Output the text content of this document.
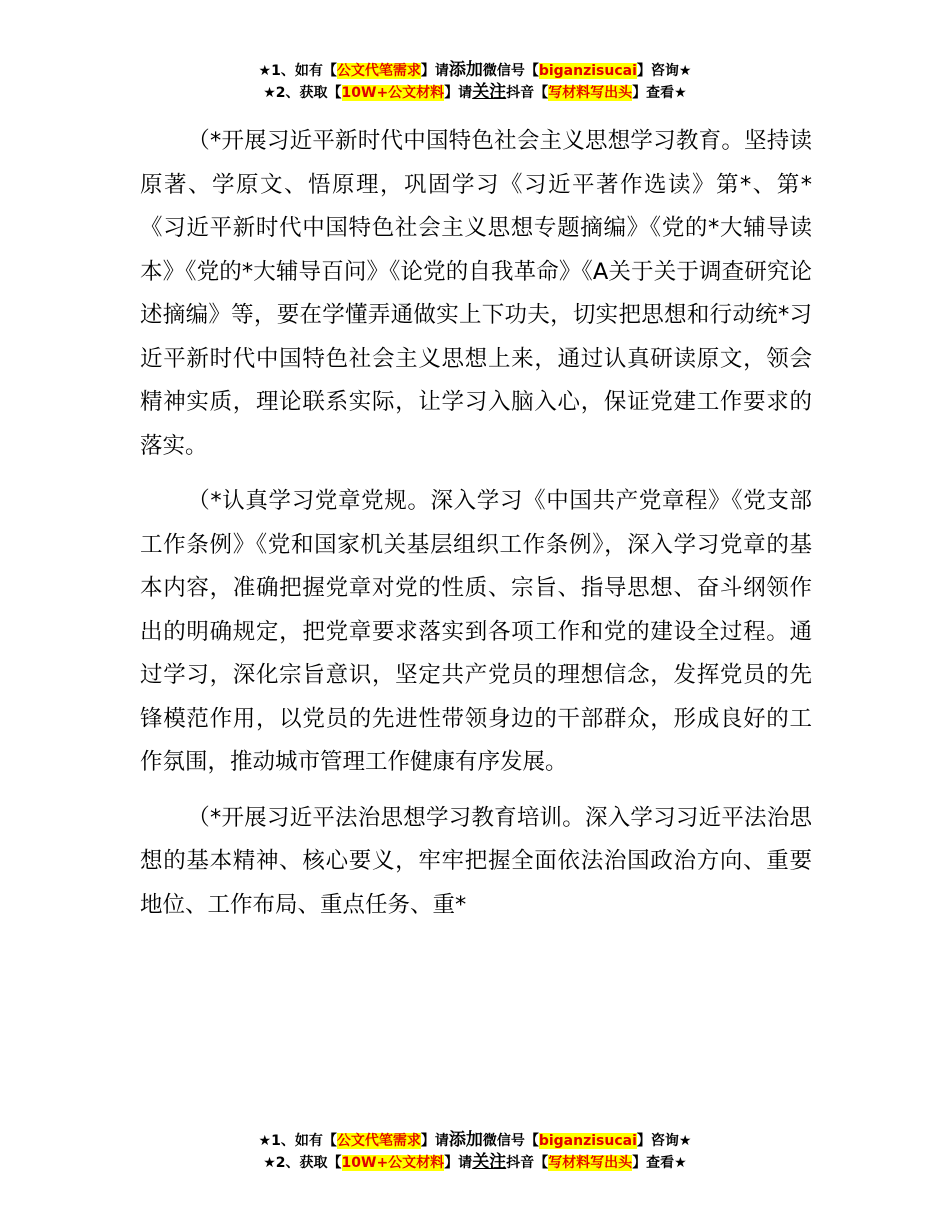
★1、如有【公文代笔需求】请添加微信号【biganzisucai】咨询★
★2、获取【10W+公文材料】请关注抖音【写材料写出头】查看★

（*开展习近平新时代中国特色社会主义思想学习教育。坚持读原著、学原文、悟原理，巩固学习《习近平著作选读》第*、第*《习近平新时代中国特色社会主义思想专题摘编》《党的*大辅导读本》《党的*大辅导百问》《论党的自我革命》《A关于关于调查研究论述摘编》等，要在学懂弄通做实上下功夫，切实把思想和行动统*习近平新时代中国特色社会主义思想上来，通过认真研读原文，领会精神实质，理论联系实际，让学习入脑入心，保证党建工作要求的落实。

（*认真学习党章党规。深入学习《中国共产党章程》《党支部工作条例》《党和国家机关基层组织工作条例》，深入学习党章的基本内容，准确把握党章对党的性质、宗旨、指导思想、奋斗纲领作出的明确规定，把党章要求落实到各项工作和党的建设全过程。通过学习，深化宗旨意识，坚定共产党员的理想信念，发挥党员的先锋模范作用，以党员的先进性带领身边的干部群众，形成良好的工作氛围，推动城市管理工作健康有序发展。

（*开展习近平法治思想学习教育培训。深入学习习近平法治思想的基本精神、核心要义，牢牢把握全面依法治国政治方向、重要地位、工作布局、重点任务、重*

★1、如有【公文代笔需求】请添加微信号【biganzisucai】咨询★
★2、获取【10W+公文材料】请关注抖音【写材料写出头】查看★
